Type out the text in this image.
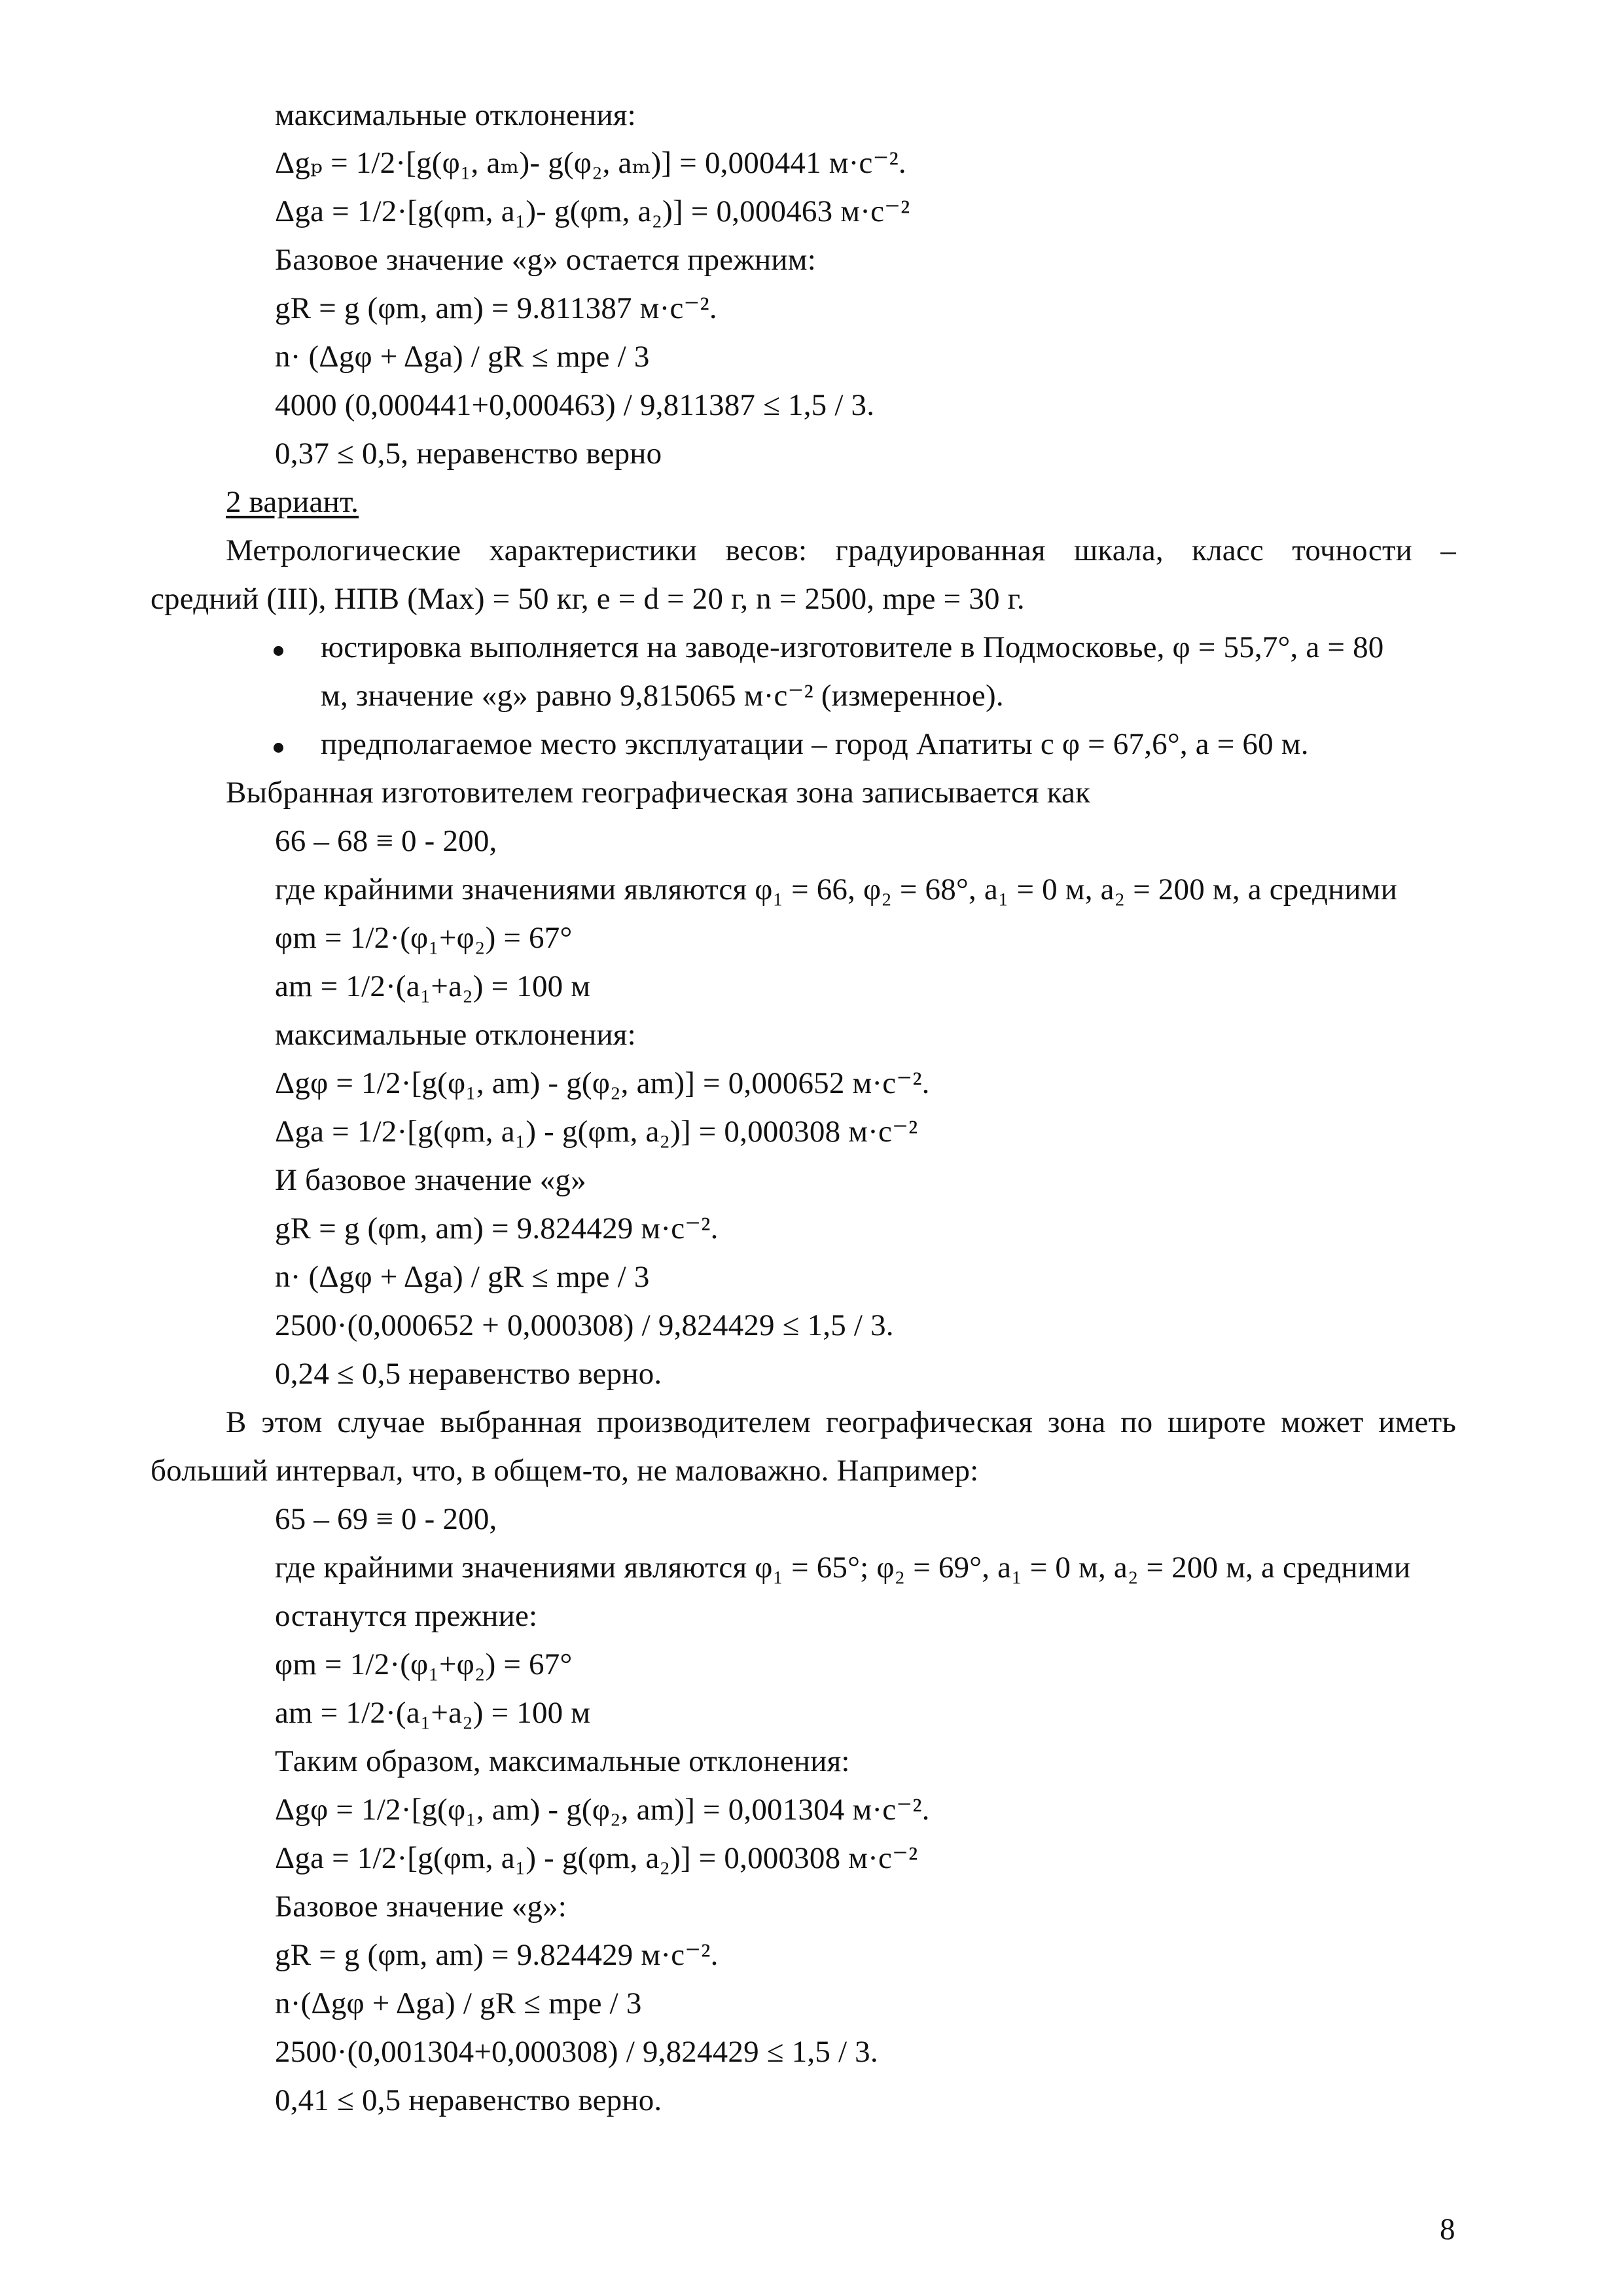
максимальные отклонения:
Δgₚ = 1/2·[g(φ₁, aₘ)- g(φ₂, aₘ)] = 0,000441 м·с⁻².
Δga = 1/2·[g(φm, a₁)- g(φm, a₂)] = 0,000463 м·с⁻²
Базовое значение «g» остается прежним:
gR = g (φm, am) = 9.811387 м·с⁻².
n· (Δgφ + Δga) / gR ≤ mpe / 3
4000 (0,000441+0,000463) / 9,811387 ≤ 1,5 / 3.
0,37 ≤ 0,5, неравенство верно
2 вариант.
Метрологические характеристики весов: градуированная шкала, класс точности –
средний (III), НПВ (Max) = 50 кг, e = d = 20 г, n = 2500, mpe = 30 г.
юстировка выполняется на заводе-изготовителе в Подмосковье, φ = 55,7°, a = 80
м, значение «g» равно 9,815065 м·с⁻² (измеренное).
предполагаемое место эксплуатации – город Апатиты с φ = 67,6°, a = 60 м.
Выбранная изготовителем географическая зона записывается как
66 – 68 ≡ 0 - 200,
где крайними значениями являются φ₁ = 66, φ₂ = 68°, a₁ = 0 м, a₂ = 200 м, а средними
φm = 1/2·(φ₁+φ₂) = 67°
am = 1/2·(a₁+a₂) = 100 м
максимальные отклонения:
Δgφ = 1/2·[g(φ₁, am) - g(φ₂, am)] = 0,000652 м·с⁻².
Δga = 1/2·[g(φm, a₁) - g(φm, a₂)] = 0,000308 м·с⁻²
И базовое значение «g»
gR = g (φm, am) = 9.824429 м·с⁻².
n· (Δgφ + Δga) / gR ≤ mpe / 3
2500·(0,000652 + 0,000308) / 9,824429 ≤ 1,5 / 3.
0,24 ≤ 0,5 неравенство верно.
В этом случае выбранная производителем географическая зона по широте может иметь
больший интервал, что, в общем-то, не маловажно. Например:
65 – 69 ≡ 0 - 200,
где крайними значениями являются φ₁ = 65°; φ₂ = 69°, a₁ = 0 м, a₂ = 200 м, а средними
останутся прежние:
φm = 1/2·(φ₁+φ₂) = 67°
am = 1/2·(a₁+a₂) = 100 м
Таким образом, максимальные отклонения:
Δgφ = 1/2·[g(φ₁, am) - g(φ₂, am)] = 0,001304 м·с⁻².
Δga = 1/2·[g(φm, a₁) - g(φm, a₂)] = 0,000308 м·с⁻²
Базовое значение «g»:
gR = g (φm, am) = 9.824429 м·с⁻².
n·(Δgφ + Δga) / gR ≤ mpe / 3
2500·(0,001304+0,000308) / 9,824429 ≤ 1,5 / 3.
0,41 ≤ 0,5 неравенство верно.
8
